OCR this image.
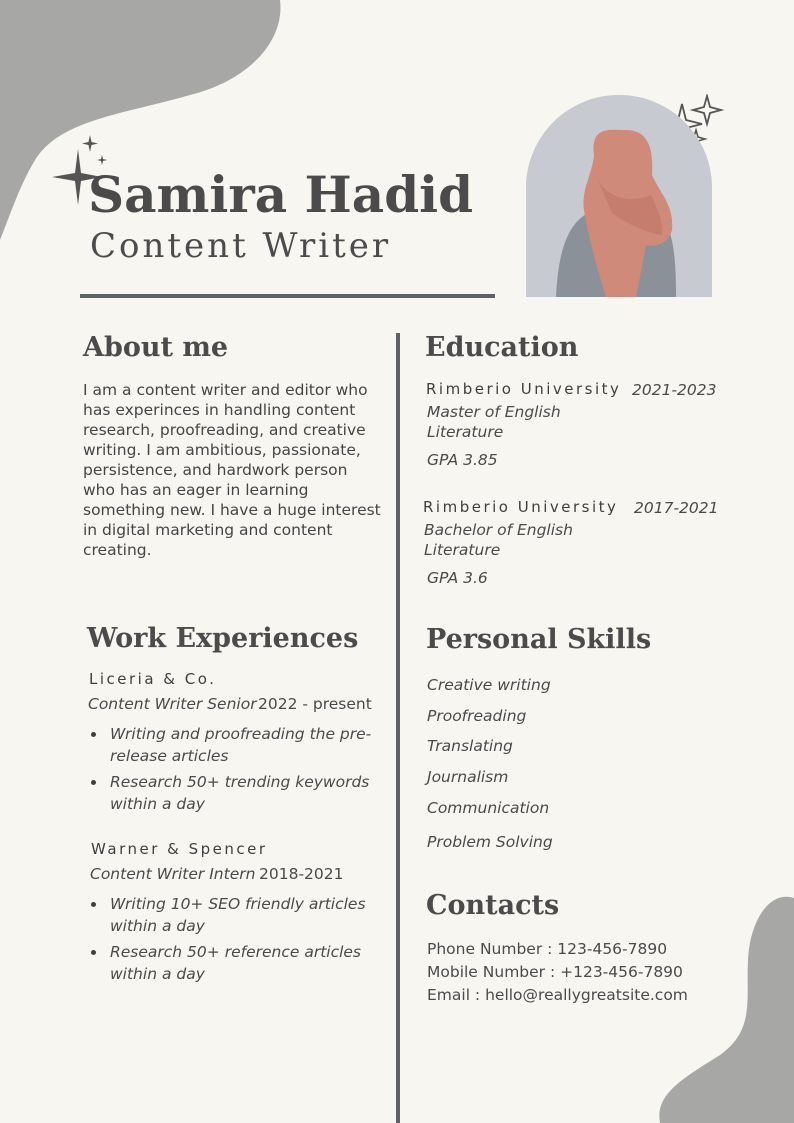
Samira Hadid
Content Writer
About me
I am a content writer and editor who has experinces in handling content research, proofreading, and creative writing. I am ambitious, passionate, persistence, and hardwork person who has an eager in learning something new. I have a huge interest in digital marketing and content creating.
Education
Rimberio University 2021-2023
Master of English Literature
GPA 3.85
Rimberio University 2017-2021
Bachelor of English Literature
GPA 3.6
Work Experiences
Liceria & Co.
Content Writer Senior 2022 - present
Writing and proofreading the pre-release articles
Research 50+ trending keywords within a day
Warner & Spencer
Content Writer Intern 2018-2021
Writing 10+ SEO friendly articles within a day
Research 50+ reference articles within a day
Personal Skills
Creative writing
Proofreading
Translating
Journalism
Communication
Problem Solving
Contacts
Phone Number : 123-456-7890
Mobile Number : +123-456-7890
Email : hello@reallygreatsite.com
